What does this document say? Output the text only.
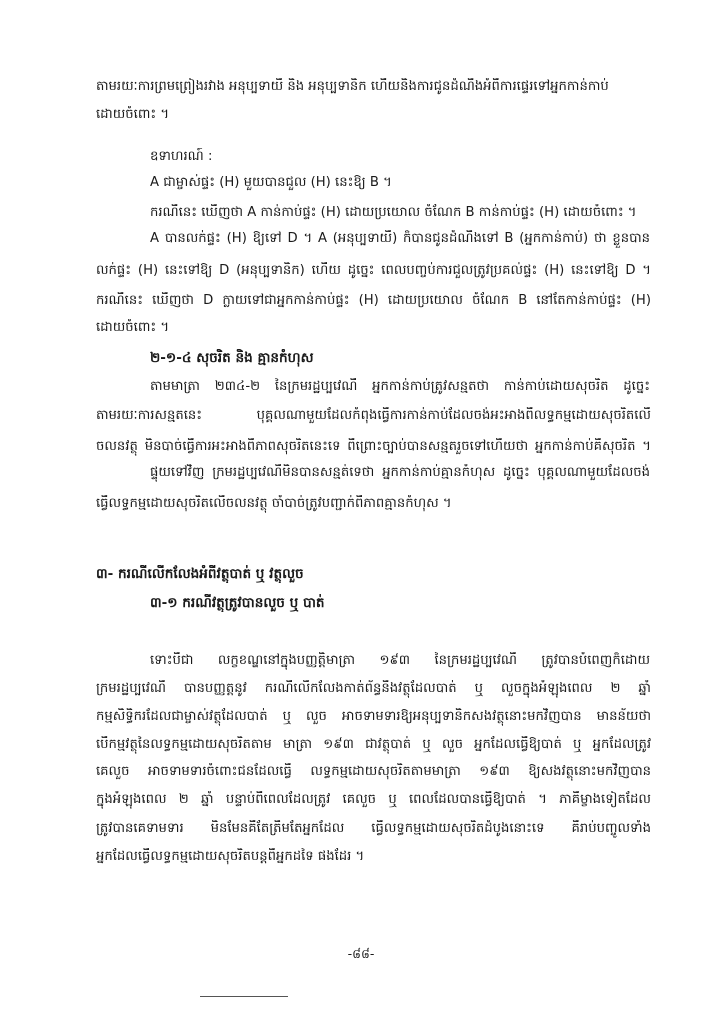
តាមរយៈការព្រមព្រៀងរវាង អនុប្បទាយី និង អនុប្បទានិក ហើយនិងការជូនដំណឹងអំពីការផ្ទេរទៅអ្នកកាន់កាប់
ដោយចំពោះ ។
ឧទាហរណ៍ :
A ជាម្ចាស់ផ្ទះ (H) មួយបានជួល (H) នេះឱ្យ B ។
ករណីនេះ ឃើញថា A កាន់កាប់ផ្ទះ (H) ដោយប្រយោល ចំណែក B កាន់កាប់ផ្ទះ (H) ដោយចំពោះ ។
A បានលក់ផ្ទះ (H) ឱ្យទៅ D ។ A (អនុប្បទាយី) ក៏បានជូនដំណឹងទៅ B (អ្នកកាន់កាប់) ថា ខ្លួនបាន
លក់ផ្ទះ (H) នេះទៅឱ្យ D (អនុប្បទានិក) ហើយ ដូច្នេះ ពេលបញ្ចប់ការជួលត្រូវប្រគល់ផ្ទះ (H) នេះទៅឱ្យ D ។
ករណីនេះ ឃើញថា D ក្លាយទៅជាអ្នកកាន់កាប់ផ្ទះ (H) ដោយប្រយោល ចំណែក B នៅតែកាន់កាប់ផ្ទះ (H)
ដោយចំពោះ ។
២-១-៤ សុចរិត និង គ្មានកំហុស
តាមមាត្រា ២៣៤-២ នៃក្រមរដ្ឋប្បវេណី អ្នកកាន់កាប់ត្រូវសន្មតថា កាន់កាប់ដោយសុចរិត ដូច្នេះ
តាមរយៈការសន្មតនេះ បុគ្គលណាមួយដែលកំពុងធ្វើការកាន់កាប់ដែលចង់អះអាងពីលទ្ធកម្មដោយសុចរិតលើ
ចលនវត្ថុ មិនបាច់ធ្វើការអះអាងពីភាពសុចរិតនេះទេ ពីព្រោះច្បាប់បានសន្មតរួចទៅហើយថា អ្នកកាន់កាប់គឺសុចរិត ។
ផ្ទុយទៅវិញ ក្រមរដ្ឋប្បវេណីមិនបានសន្មត់ទេថា អ្នកកាន់កាប់គ្មានកំហុស ដូច្នេះ បុគ្គលណាមួយដែលចង់
ធ្វើលទ្ធកម្មដោយសុចរិតលើចលនវត្ថុ ចាំបាច់ត្រូវបញ្ជាក់ពីភាពគ្មានកំហុស ។
៣- ករណីលើកលែងអំពីវត្ថុបាត់ ឬ វត្ថុលួច
៣-១ ករណីវត្ថុត្រូវបានលួច ឬ បាត់
ទោះបីជា លក្ខខណ្ឌនៅក្នុងបញ្ញត្តិមាត្រា ១៩៣ នៃក្រមរដ្ឋប្បវេណី ត្រូវបានបំពេញក៏ដោយ
ក្រមរដ្ឋប្បវេណី បានបញ្ញត្តនូវ ករណីលើកលែងកាត់ព័ន្ធនឹងវត្ថុដែលបាត់ ឬ លួចក្នុងអំឡុងពេល ២ ឆ្នាំ
កម្មសិទ្ធិករដែលជាម្ចាស់វត្ថុដែលបាត់ ឬ លួច អាចទាមទារឱ្យអនុប្បទានិកសងវត្ថុនោះមកវិញបាន មានន័យថា
បើកម្មវត្ថុនៃលទ្ធកម្មដោយសុចរិតតាម មាត្រា ១៩៣ ជាវត្ថុបាត់ ឬ លួច អ្នកដែលធ្វើឱ្យបាត់ ឬ អ្នកដែលត្រូវ
គេលួច អាចទាមទារចំពោះជនដែលធ្វើ លទ្ធកម្មដោយសុចរិតតាមមាត្រា ១៩៣ ឱ្យសងវត្ថុនោះមកវិញបាន
ក្នុងអំឡុងពេល ២ ឆ្នាំ បន្ទាប់ពីពេលដែលត្រូវ គេលួច ឬ ពេលដែលបានធ្វើឱ្យបាត់ ។ ភាគីម្ខាងទៀតដែល
ត្រូវបានគេទាមទារ មិនមែនគឺតែត្រឹមតែអ្នកដែល ធ្វើលទ្ធកម្មដោយសុចរិតដំបូងនោះទេ គឺរាប់បញ្ចូលទាំង
អ្នកដែលធ្វើលទ្ធកម្មដោយសុចរិតបន្តពីអ្នកដទៃ ផងដែរ ។
-៨៨-
